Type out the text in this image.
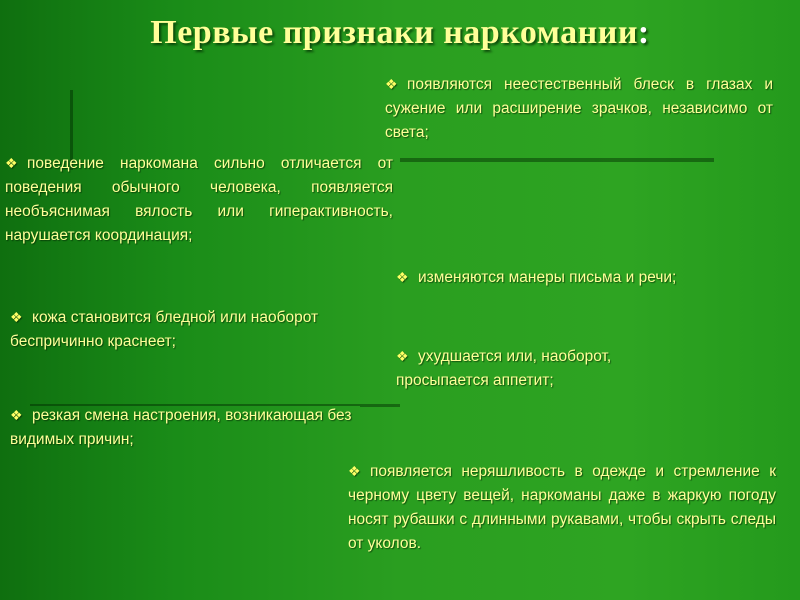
Первые признаки наркомании:
❖ появляются неестественный блеск в глазах и сужение или расширение зрачков, независимо от света;
❖ поведение наркомана сильно отличается от поведения обычного человека, появляется необъяснимая вялость или гиперактивность, нарушается координация;
❖ изменяются манеры письма и речи;
❖ кожа становится бледной или наоборот беспричинно краснеет;
❖ ухудшается или, наоборот, просыпается аппетит;
❖ резкая смена настроения, возникающая без видимых причин;
❖ появляется неряшливость в одежде и стремление к черному цвету вещей, наркоманы даже в жаркую погоду носят рубашки с длинными рукавами, чтобы скрыть следы от уколов.
